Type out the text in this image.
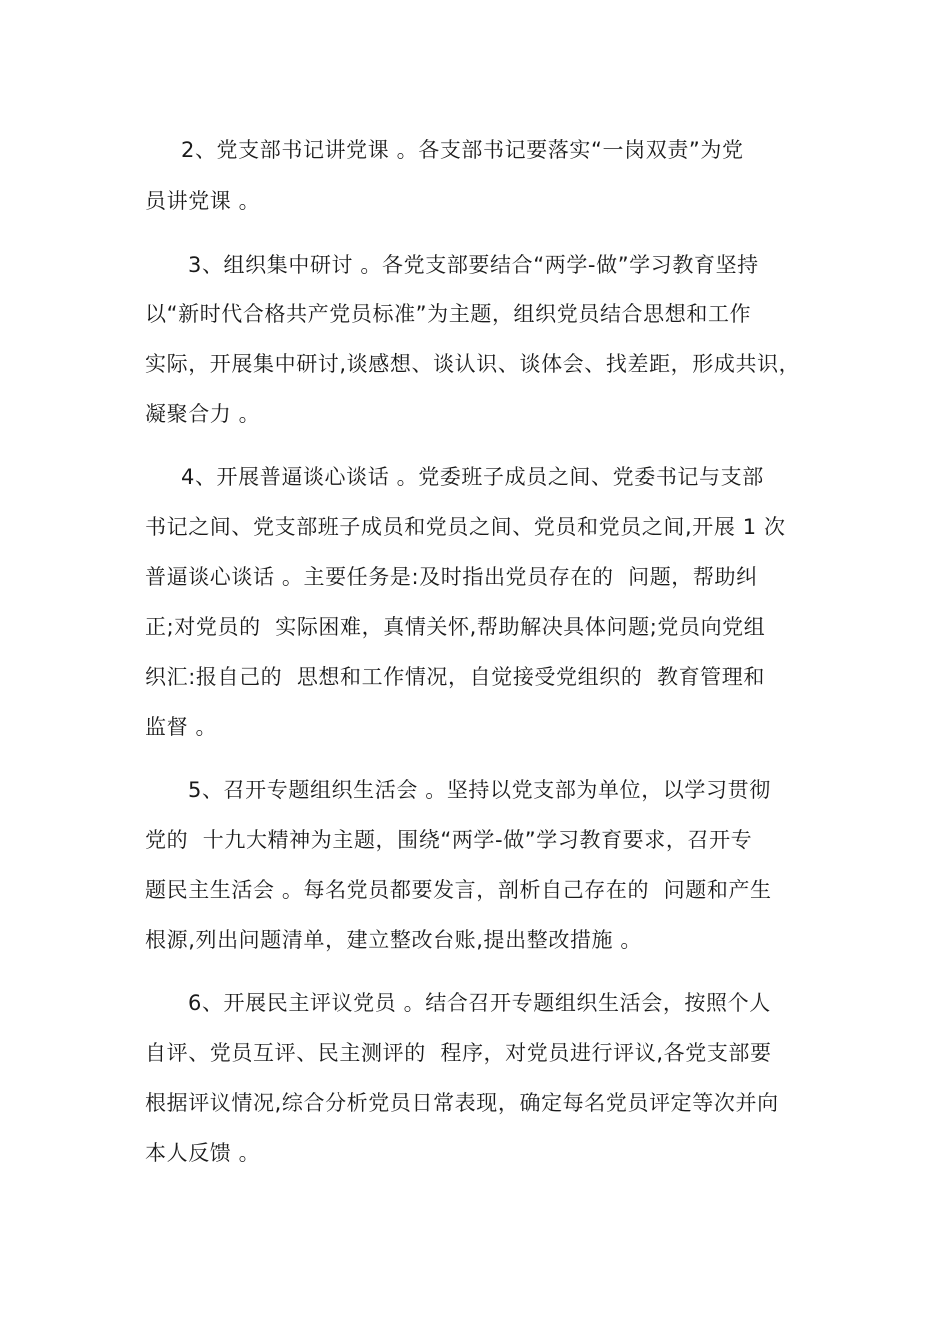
2、党支部书记讲党课 。各支部书记要落实“一岗双责”为党
员讲党课 。
3、组织集中研讨 。各党支部要结合“两学-做”学习教育坚持
以“新时代合格共产党员标准”为主题，组织党员结合思想和工作
实际，开展集中研讨,谈感想、谈认识、谈体会、找差距，形成共识，
凝聚合力 。
4、开展普逼谈心谈话 。党委班子成员之间、党委书记与支部
书记之间、党支部班子成员和党员之间、党员和党员之间,开展 1 次
普逼谈心谈话 。主要任务是:及时指出党员存在的  问题，帮助纠
正;对党员的  实际困难，真情关怀,帮助解决具体问题;党员向党组
织汇:报自己的  思想和工作情况，自觉接受党组织的  教育管理和
监督 。
5、召开专题组织生活会 。坚持以党支部为单位，以学习贯彻
党的  十九大精神为主题，围绕“两学-做”学习教育要求，召开专
题民主生活会 。每名党员都要发言，剖析自己存在的  问题和产生
根源,列出问题清单，建立整改台账,提出整改措施 。
6、开展民主评议党员 。结合召开专题组织生活会，按照个人
自评、党员互评、民主测评的  程序，对党员进行评议,各党支部要
根据评议情况,综合分析党员日常表现，确定每名党员评定等次并向
本人反馈 。
